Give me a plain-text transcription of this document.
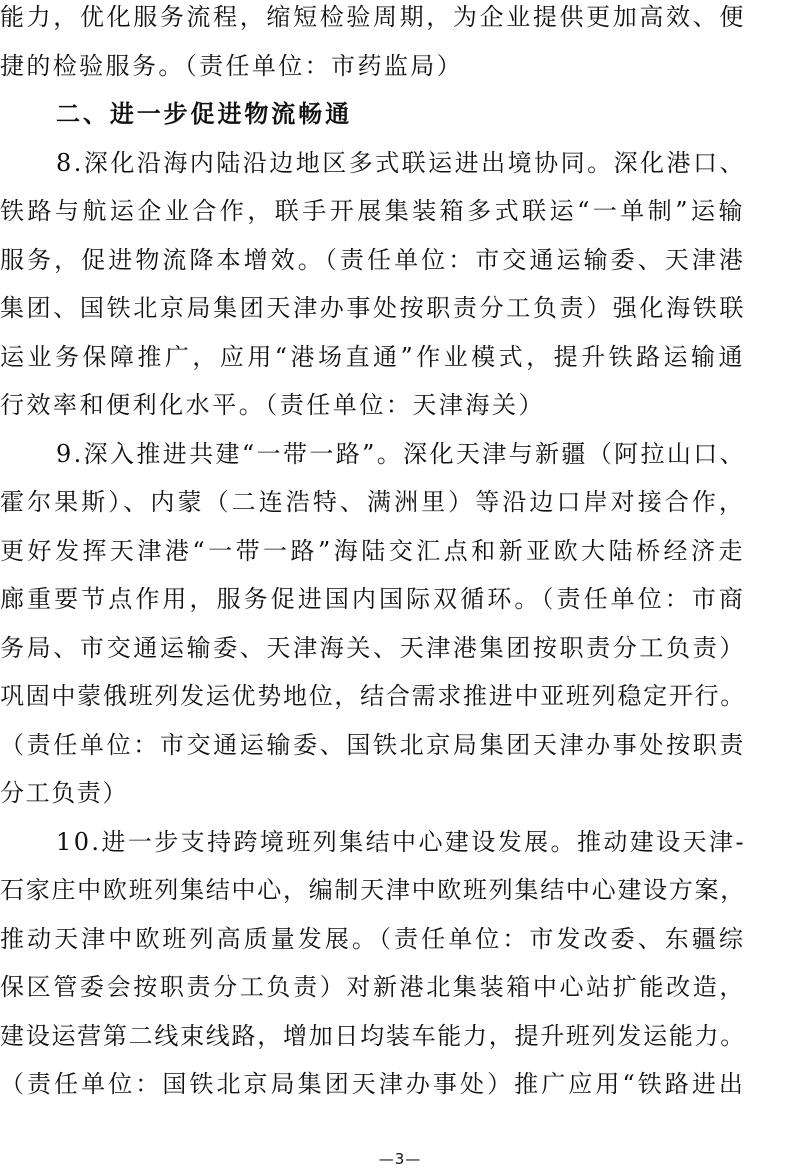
能力，优化服务流程，缩短检验周期，为企业提供更加高效、便
捷的检验服务。（责任单位：市药监局）
二、进一步促进物流畅通
8.深化沿海内陆沿边地区多式联运进出境协同。深化港口、
铁路与航运企业合作，联手开展集装箱多式联运“一单制”运输
服务，促进物流降本增效。（责任单位：市交通运输委、天津港
集团、国铁北京局集团天津办事处按职责分工负责）强化海铁联
运业务保障推广，应用“港场直通”作业模式，提升铁路运输通
行效率和便利化水平。（责任单位：天津海关）
9.深入推进共建“一带一路”。深化天津与新疆（阿拉山口、
霍尔果斯）、内蒙（二连浩特、满洲里）等沿边口岸对接合作，
更好发挥天津港“一带一路”海陆交汇点和新亚欧大陆桥经济走
廊重要节点作用，服务促进国内国际双循环。（责任单位：市商
务局、市交通运输委、天津海关、天津港集团按职责分工负责）
巩固中蒙俄班列发运优势地位，结合需求推进中亚班列稳定开行。
（责任单位：市交通运输委、国铁北京局集团天津办事处按职责
分工负责）
10.进一步支持跨境班列集结中心建设发展。推动建设天津-
石家庄中欧班列集结中心，编制天津中欧班列集结中心建设方案，
推动天津中欧班列高质量发展。（责任单位：市发改委、东疆综
保区管委会按职责分工负责）对新港北集装箱中心站扩能改造，
建设运营第二线束线路，增加日均装车能力，提升班列发运能力。
（责任单位：国铁北京局集团天津办事处）推广应用“铁路进出
—3—
